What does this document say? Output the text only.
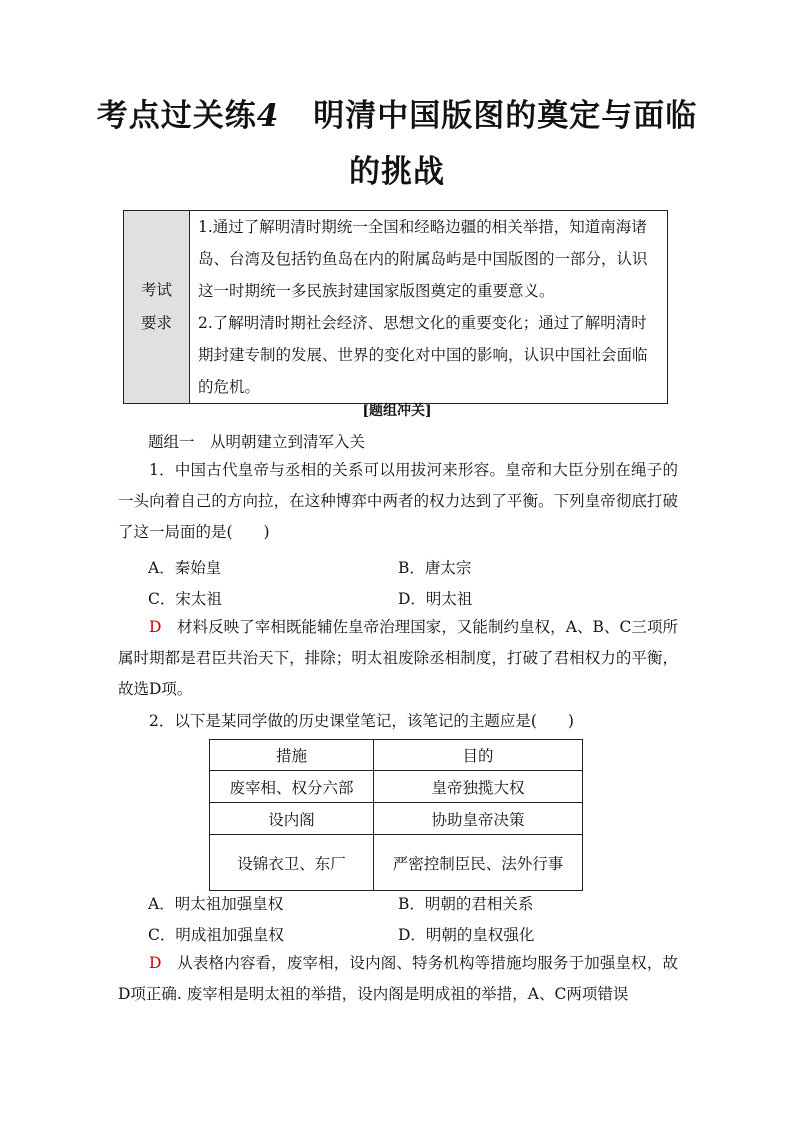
考点过关练4 明清中国版图的奠定与面临
的挑战
考试
要求

1.通过了解明清时期统一全国和经略边疆的相关举措，知道南海诸岛、台湾及包括钓鱼岛在内的附属岛屿是中国版图的一部分，认识这一时期统一多民族封建国家版图奠定的重要意义。
2.了解明清时期社会经济、思想文化的重要变化；通过了解明清时期封建专制的发展、世界的变化对中国的影响，认识中国社会面临的危机。
[题组冲关]
题组一　从明朝建立到清军入关
1．中国古代皇帝与丞相的关系可以用拔河来形容。皇帝和大臣分别在绳子的一头向着自己的方向拉，在这种博弈中两者的权力达到了平衡。下列皇帝彻底打破了这一局面的是(　　)
A．秦始皇	B．唐太宗
C．宋太祖	D．明太祖
D　材料反映了宰相既能辅佐皇帝治理国家，又能制约皇权，A、B、C三项所属时期都是君臣共治天下，排除；明太祖废除丞相制度，打破了君相权力的平衡，故选D项。
2．以下是某同学做的历史课堂笔记，该笔记的主题应是(　　)
措施	目的
废宰相、权分六部	皇帝独揽大权
设内阁	协助皇帝决策
设锦衣卫、东厂	严密控制臣民、法外行事
A．明太祖加强皇权	B．明朝的君相关系
C．明成祖加强皇权	D．明朝的皇权强化
D　从表格内容看，废宰相，设内阁、特务机构等措施均服务于加强皇权，故D项正确. 废宰相是明太祖的举措，设内阁是明成祖的举措，A、C两项错误
